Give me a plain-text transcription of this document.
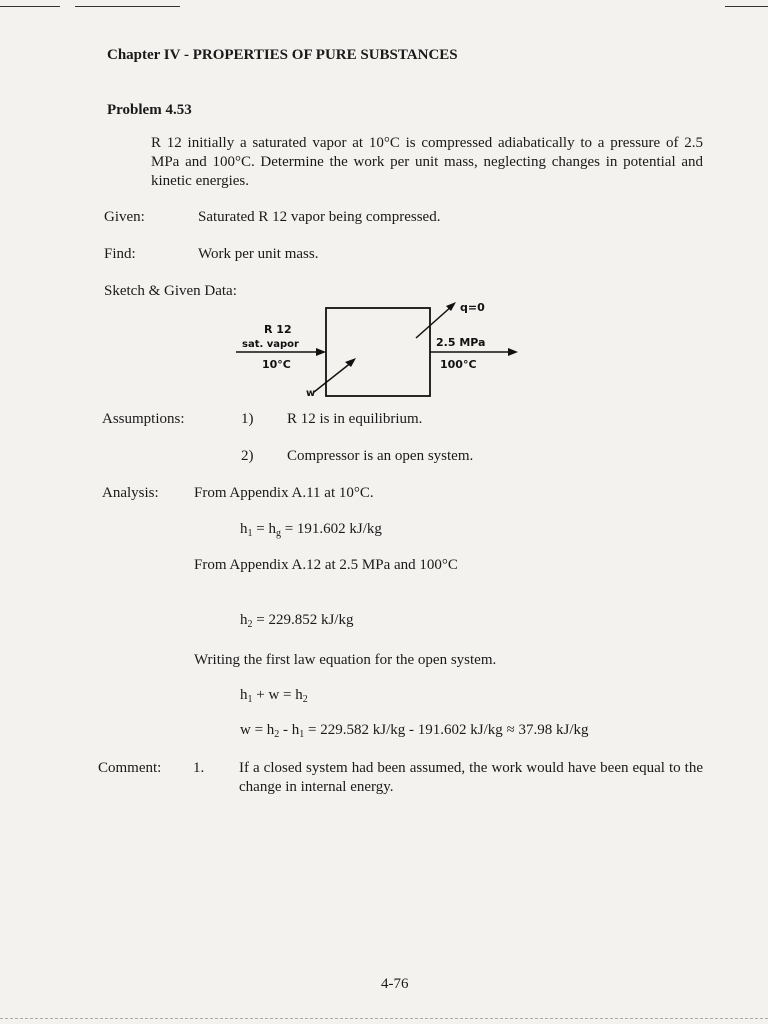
Chapter IV - PROPERTIES OF PURE SUBSTANCES
Problem 4.53
R 12 initially a saturated vapor at 10°C is compressed adiabatically to a pressure of 2.5 MPa and 100°C. Determine the work per unit mass, neglecting changes in potential and kinetic energies.
Given:	Saturated R 12 vapor being compressed.
Find:	Work per unit mass.
Sketch & Given Data:
R 12
sat. vapor
10°C
2.5 MPa
100°C
q=0
w
Assumptions:	1) R 12 is in equilibrium.
2) Compressor is an open system.
Analysis: From Appendix A.11 at 10°C.
$h_1 = h_g = 191.602$ kJ/kg
From Appendix A.12 at 2.5 MPa and 100°C
$h_2 = 229.852$ kJ/kg
Writing the first law equation for the open system.
$h_1 + w = h_2$
$w = h_2 - h_1 = 229.582$ kJ/kg - 191.602 kJ/kg ≈ 37.98 kJ/kg
Comment: 1. If a closed system had been assumed, the work would have been equal to the change in internal energy.
4-76
